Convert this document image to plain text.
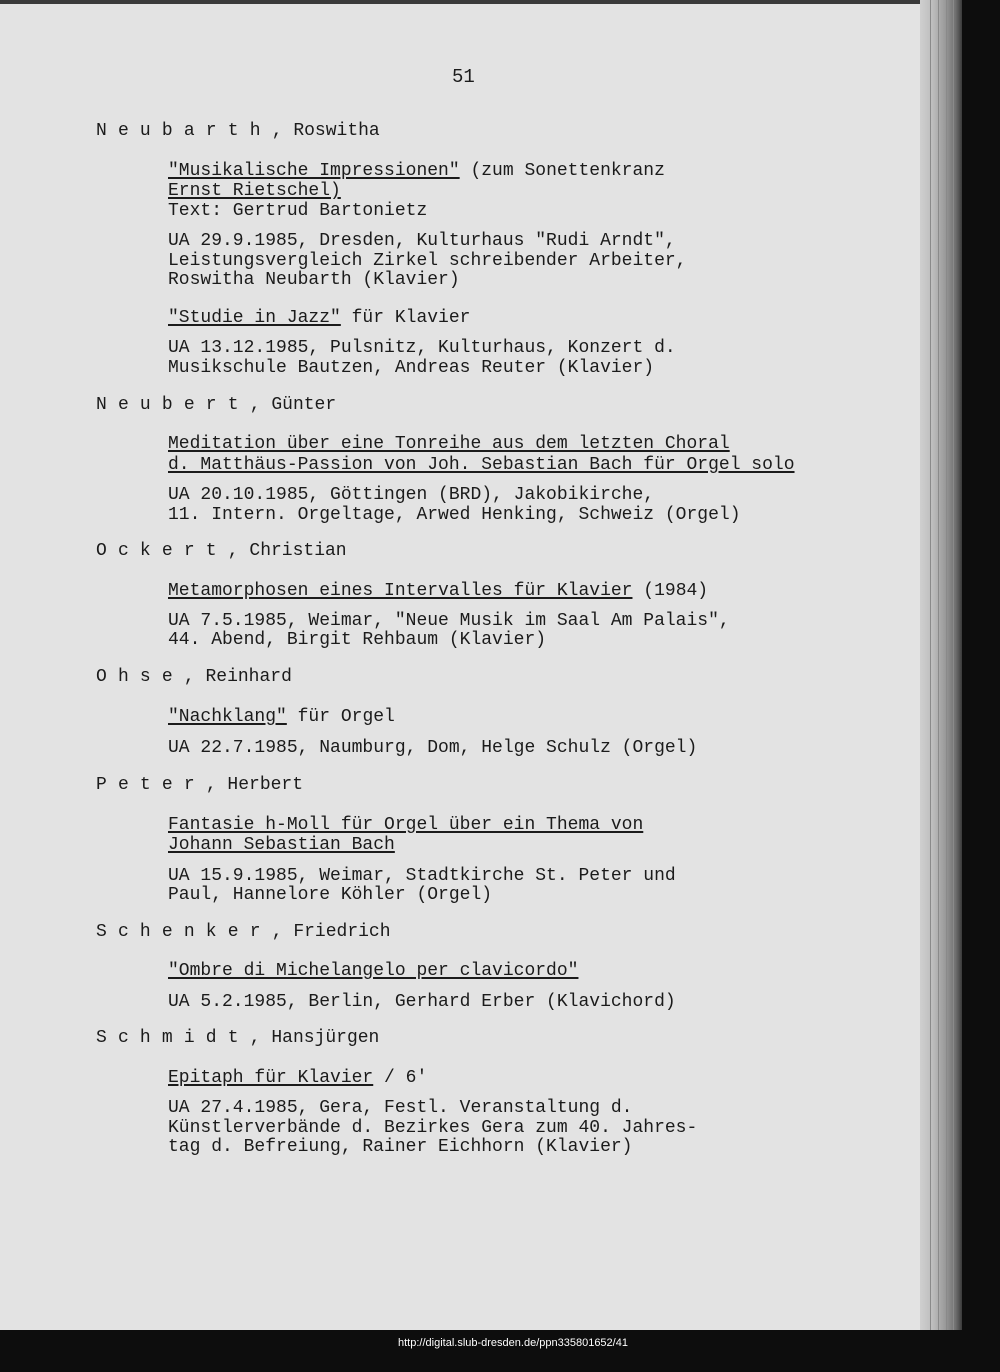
51
Neubarth, Roswitha
"Musikalische Impressionen" (zum Sonettenkranz
Ernst Rietschel)
Text: Gertrud Bartonietz
UA 29.9.1985, Dresden, Kulturhaus "Rudi Arndt",
Leistungsvergleich Zirkel schreibender Arbeiter,
Roswitha Neubarth (Klavier)
"Studie in Jazz" für Klavier
UA 13.12.1985, Pulsnitz, Kulturhaus, Konzert d.
Musikschule Bautzen, Andreas Reuter (Klavier)
Neubert, Günter
Meditation über eine Tonreihe aus dem letzten Choral
d. Matthäus-Passion von Joh. Sebastian Bach für Orgel solo
UA 20.10.1985, Göttingen (BRD), Jakobikirche,
11. Intern. Orgeltage, Arwed Henking, Schweiz (Orgel)
Ockert, Christian
Metamorphosen eines Intervalles für Klavier (1984)
UA 7.5.1985, Weimar, "Neue Musik im Saal Am Palais",
44. Abend, Birgit Rehbaum (Klavier)
Ohse, Reinhard
"Nachklang" für Orgel
UA 22.7.1985, Naumburg, Dom, Helge Schulz (Orgel)
Peter, Herbert
Fantasie h-Moll für Orgel über ein Thema von
Johann Sebastian Bach
UA 15.9.1985, Weimar, Stadtkirche St. Peter und
Paul, Hannelore Köhler (Orgel)
Schenker, Friedrich
"Ombre di Michelangelo per clavicordo"
UA 5.2.1985, Berlin, Gerhard Erber (Klavichord)
Schmidt, Hansjürgen
Epitaph für Klavier / 6'
UA 27.4.1985, Gera, Festl. Veranstaltung d.
Künstlerverbände d. Bezirkes Gera zum 40. Jahres-
tag d. Befreiung, Rainer Eichhorn (Klavier)
http://digital.slub-dresden.de/ppn335801652/41
